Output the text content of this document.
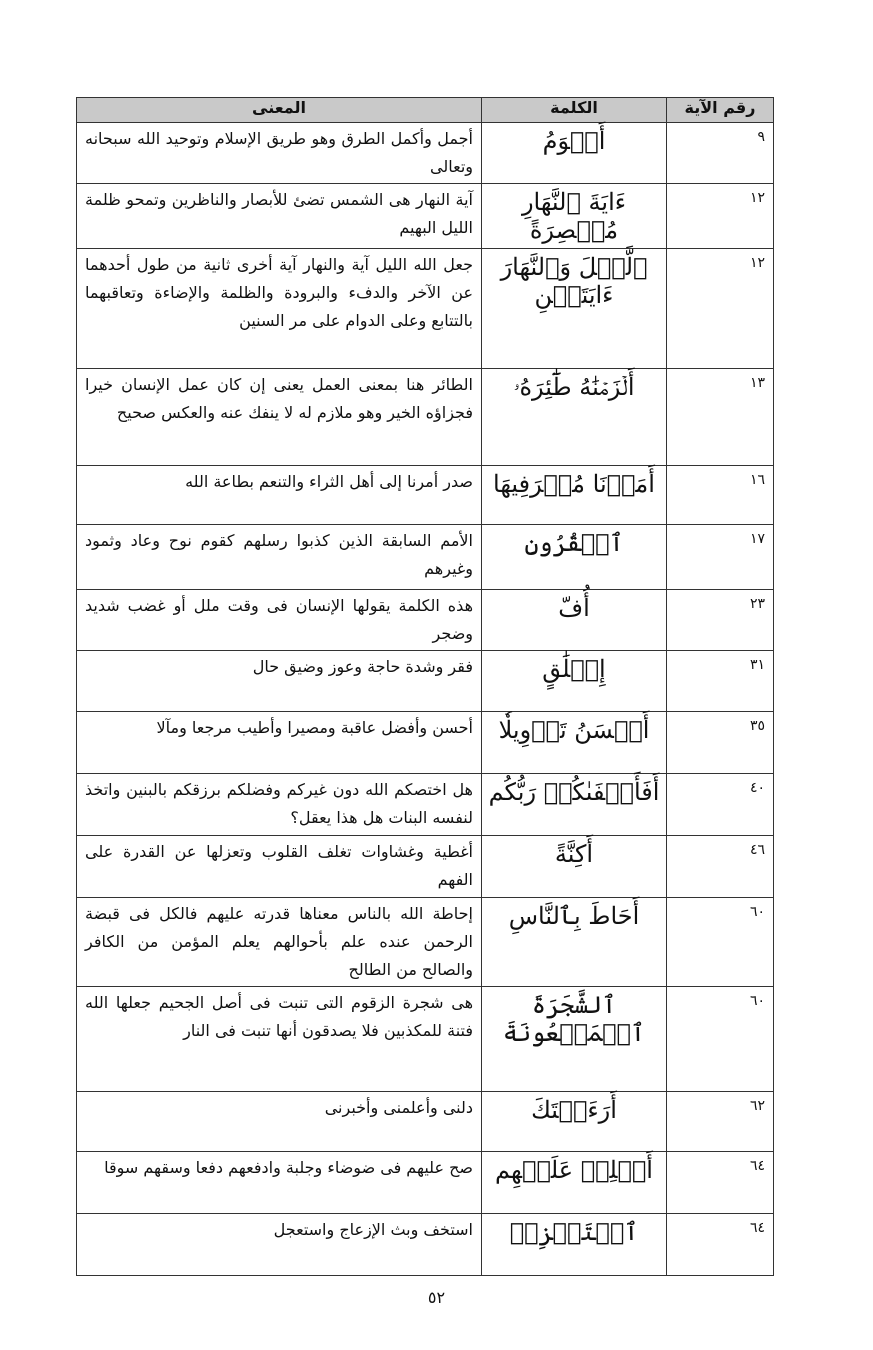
رقم الآية	الكلمة	المعنى
٩	أَقۡوَمُ	أجمل وأكمل الطرق وهو طريق الإسلام وتوحيد الله سبحانه وتعالى
١٢	ءَايَةَ ٱلنَّهَارِ مُبۡصِرَةً	آية النهار هى الشمس تضئ للأبصار والناظرين وتمحو ظلمة الليل البهيم
١٢	ٱلَّيۡلَ وَٱلنَّهَارَ ءَايَتَيۡنِ	جعل الله الليل آية والنهار آية أخرى ثانية من طول أحدهما عن الآخر والدفء والبرودة والظلمة والإضاءة وتعاقبهما بالتتابع وعلى الدوام على مر السنين
١٣	أَلۡزَمۡنَٰهُ طَٰٓئِرَهُۥ	الطائر هنا بمعنى العمل يعنى إن كان عمل الإنسان خيرا فجزاؤه الخير وهو ملازم له لا ينفك عنه والعكس صحيح
١٦	أَمَرۡنَا مُتۡرَفِيهَا	صدر أمرنا إلى أهل الثراء والتنعم بطاعة الله
١٧	ٱلۡقُرُونِ	الأمم السابقة الذين كذبوا رسلهم كقوم نوح وعاد وثمود وغيرهم
٢٣	أُفّ	هذه الكلمة يقولها الإنسان فى وقت ملل أو غضب شديد وضجر
٣١	إِمۡلَٰقٍ	فقر وشدة حاجة وعوز وضيق حال
٣٥	أَحۡسَنُ تَأۡوِيلٗا	أحسن وأفضل عاقبة ومصيرا وأطيب مرجعا ومآلا
٤٠	أَفَأَصۡفَىٰكُمۡ رَبُّكُم	هل اختصكم الله دون غيركم وفضلكم برزقكم بالبنين واتخذ لنفسه البنات هل هذا يعقل؟
٤٦	أَكِنَّةً	أغطية وغشاوات تغلف القلوب وتعزلها عن القدرة على الفهم
٦٠	أَحَاطَ بِٱلنَّاسِ	إحاطة الله بالناس معناها قدرته عليهم فالكل فى قبضة الرحمن عنده علم بأحوالهم يعلم المؤمن من الكافر والصالح من الطالح
٦٠	ٱلشَّجَرَةَ ٱلۡمَلۡعُونَةَ	هى شجرة الزقوم التى تنبت فى أصل الجحيم جعلها الله فتنة للمكذبين فلا يصدقون أنها تنبت فى النار
٦٢	أَرَءَيۡتَكَ	دلنى وأعلمنى وأخبرنى
٦٤	أَجۡلِبۡ عَلَيۡهِم	صح عليهم فى ضوضاء وجلبة وادفعهم دفعا وسقهم سوقا
٦٤	ٱسۡتَفۡزِزۡ	استخف وبث الإزعاج واستعجل
٥٢
